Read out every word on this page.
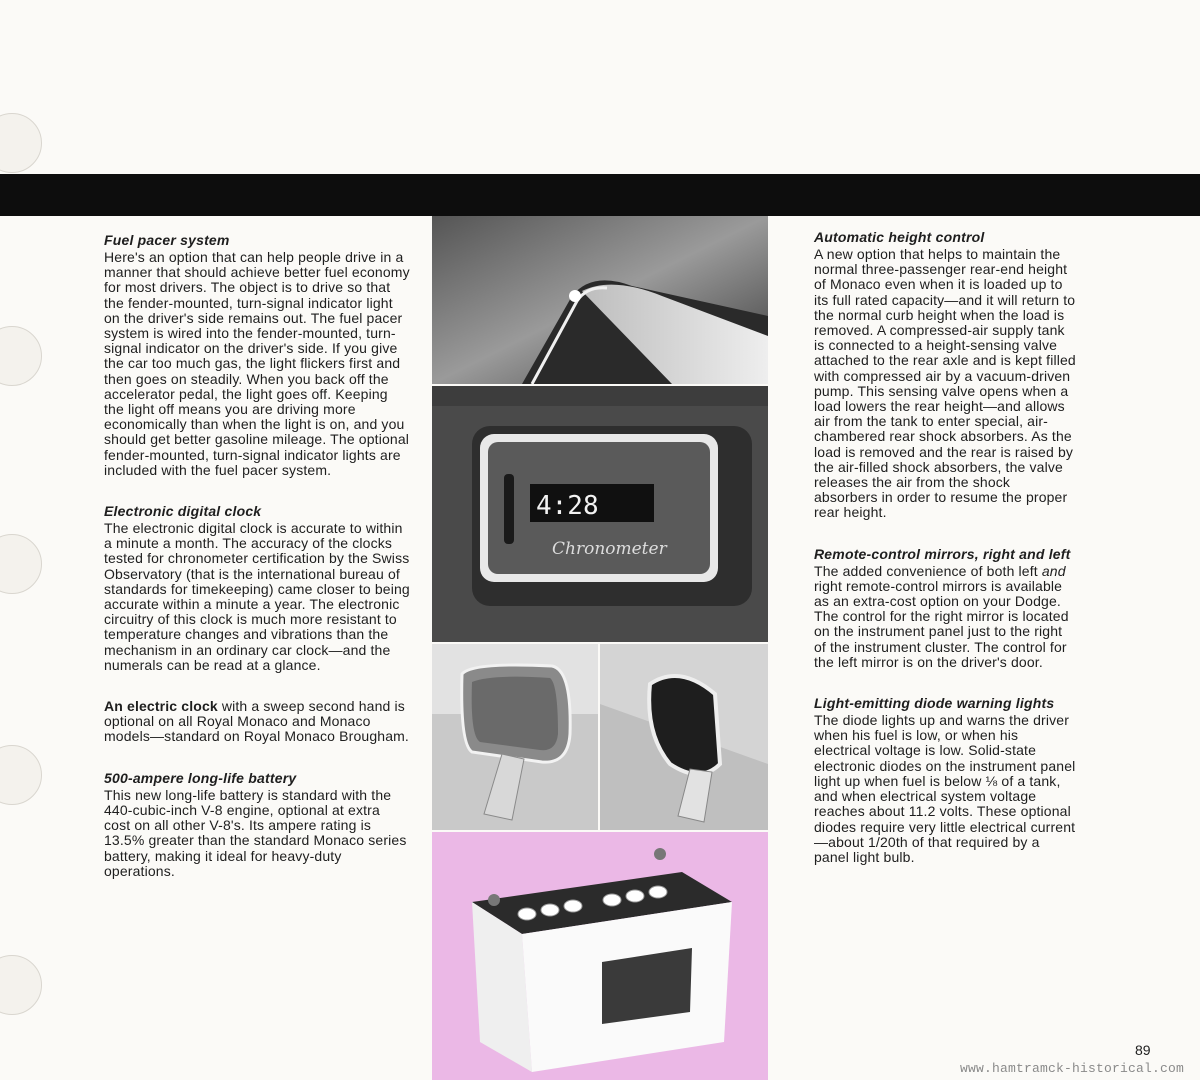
Fuel pacer system

Here's an option that can help people drive in a manner that should achieve better fuel economy for most drivers. The object is to drive so that the fender-mounted, turn-signal indicator light on the driver's side remains out. The fuel pacer system is wired into the fender-mounted, turn-signal indicator on the driver's side. If you give the car too much gas, the light flickers first and then goes on steadily. When you back off the accelerator pedal, the light goes off. Keeping the light off means you are driving more economically than when the light is on, and you should get better gasoline mileage. The optional fender-mounted, turn-signal indicator lights are included with the fuel pacer system.

Electronic digital clock

The electronic digital clock is accurate to within a minute a month. The accuracy of the clocks tested for chronometer certification by the Swiss Observatory (that is the international bureau of standards for timekeeping) came closer to being accurate within a minute a year. The electronic circuitry of this clock is much more resistant to temperature changes and vibrations than the mechanism in an ordinary car clock—and the numerals can be read at a glance.

An electric clock with a sweep second hand is optional on all Royal Monaco and Monaco models—standard on Royal Monaco Brougham.

500-ampere long-life battery

This new long-life battery is standard with the 440-cubic-inch V-8 engine, optional at extra cost on all other V-8's. Its ampere rating is 13.5% greater than the standard Monaco series battery, making it ideal for heavy-duty operations.

4:28
Chronometer
Automatic height control

A new option that helps to maintain the normal three-passenger rear-end height of Monaco even when it is loaded up to its full rated capacity—and it will return to the normal curb height when the load is removed. A compressed-air supply tank is connected to a height-sensing valve attached to the rear axle and is kept filled with compressed air by a vacuum-driven pump. This sensing valve opens when a load lowers the rear height—and allows air from the tank to enter special, air-chambered rear shock absorbers. As the load is removed and the rear is raised by the air-filled shock absorbers, the valve releases the air from the shock absorbers in order to resume the proper rear height.

Remote-control mirrors, right and left

The added convenience of both left and right remote-control mirrors is available as an extra-cost option on your Dodge. The control for the right mirror is located on the instrument panel just to the right of the instrument cluster. The control for the left mirror is on the driver's door.

Light-emitting diode warning lights

The diode lights up and warns the driver when his fuel is low, or when his electrical voltage is low. Solid-state electronic diodes on the instrument panel light up when fuel is below ⅛ of a tank, and when electrical system voltage reaches about 11.2 volts. These optional diodes require very little electrical current—about 1/20th of that required by a panel light bulb.

89
www.hamtramck-historical.com
